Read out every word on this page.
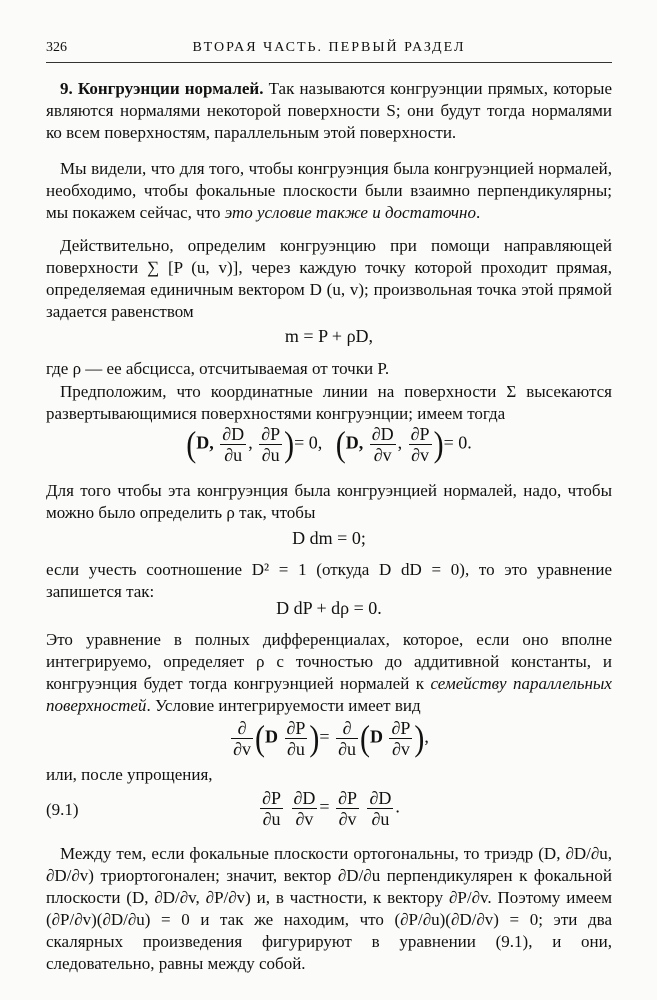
326	ВТОРАЯ ЧАСТЬ. ПЕРВЫЙ РАЗДЕЛ

9. Конгруэнции нормалей. Так называются конгруэнции прямых, которые являются нормалями некоторой поверхности S; они будут тогда нормалями ко всем поверхностям, параллельным этой поверхности.

Мы видели, что для того, чтобы конгруэнция была конгруэнцией нормалей, необходимо, чтобы фокальные плоскости были взаимно перпендикулярны; мы покажем сейчас, что это условие также и достаточно.

Действительно, определим конгруэнцию при помощи направляющей поверхности ∑ [P (u, v)], через каждую точку которой проходит прямая, определяемая единичным вектором D (u, v); произвольная точка этой прямой задается равенством

m = P + ρD,

где ρ — ее абсцисса, отсчитываемая от точки P.

Предположим, что координатные линии на поверхности Σ высекаются развертывающимися поверхностями конгруэнции; имеем тогда

(D, $\frac{\partial D}{\partial u}$ , $\frac{\partial P}{\partial u}$ )= 0, (D, $\frac{\partial D}{\partial v}$ , $\frac{\partial P}{\partial v}$ )= 0.

Для того чтобы эта конгруэнция была конгруэнцией нормалей, надо, чтобы можно было определить ρ так, чтобы

D dm = 0;

если учесть соотношение D² = 1 (откуда D dD = 0), то это уравнение запишется так:

D dP + dρ = 0.

Это уравнение в полных дифференциалах, которое, если оно вполне интегрируемо, определяет ρ с точностью до аддитивной константы, и конгруэнция будет тогда конгруэнцией нормалей к семейству параллельных поверхностей. Условие интегрируемости имеет вид

$\frac{\partial}{\partial v} (D \frac{\partial P}{\partial u}$ )= $\frac{\partial}{\partial u} (D \frac{\partial P}{\partial v}$ ),

или, после упрощения,

(9.1)	$\frac{\partial P}{\partial u}$
$\frac{\partial D}{\partial v} = \frac{\partial P}{\partial v}$
$\frac{\partial D}{\partial u}$ .

Между тем, если фокальные плоскости ортогональны, то триэдр (D, ∂D/∂u, ∂D/∂v) триортогонален; значит, вектор ∂D/∂u перпендикулярен к фокальной плоскости (D, ∂D/∂v, ∂P/∂v) и, в частности, к вектору ∂P/∂v. Поэтому имеем (∂P/∂v)(∂D/∂u) = 0 и так же находим, что (∂P/∂u)(∂D/∂v) = 0; эти два скалярных произведения фигурируют в уравнении (9.1), и они, следовательно, равны между собой.
